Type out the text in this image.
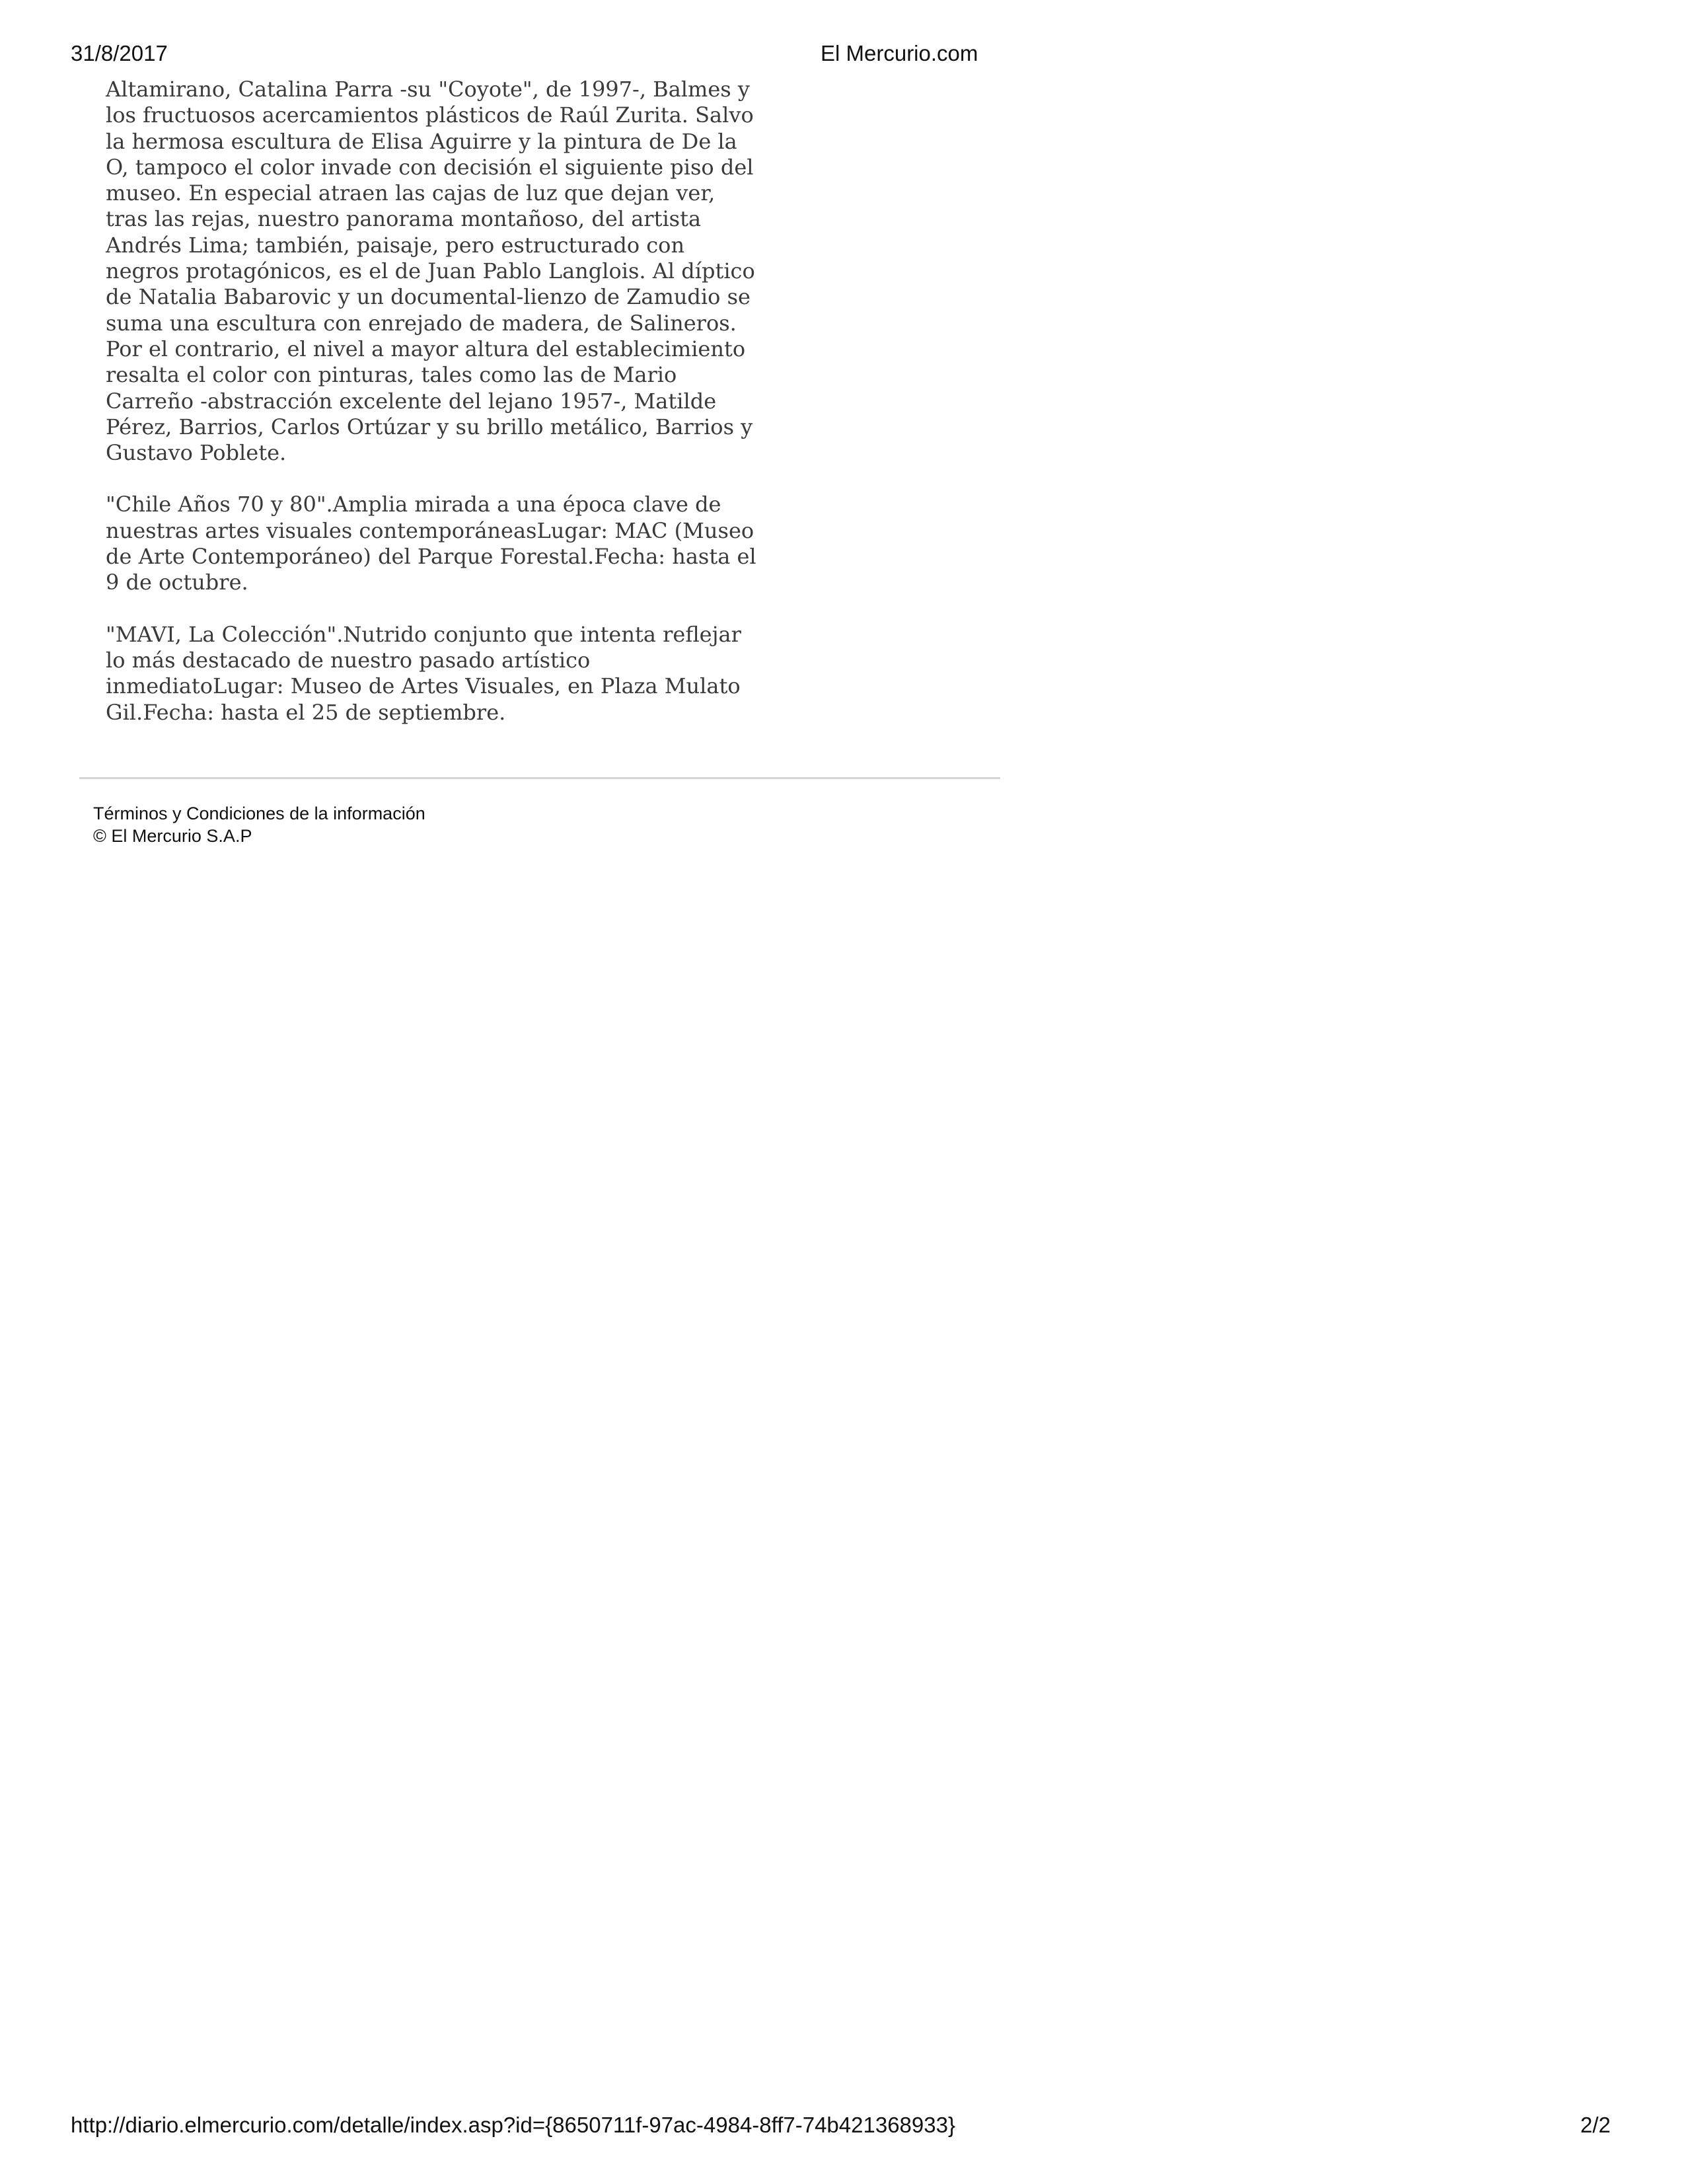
31/8/2017	El Mercurio.com

Altamirano, Catalina Parra -su "Coyote", de 1997-, Balmes y los fructuosos acercamientos plásticos de Raúl Zurita. Salvo la hermosa escultura de Elisa Aguirre y la pintura de De la O, tampoco el color invade con decisión el siguiente piso del museo. En especial atraen las cajas de luz que dejan ver, tras las rejas, nuestro panorama montañoso, del artista Andrés Lima; también, paisaje, pero estructurado con negros protagónicos, es el de Juan Pablo Langlois. Al díptico de Natalia Babarovic y un documental-lienzo de Zamudio se suma una escultura con enrejado de madera, de Salineros. Por el contrario, el nivel a mayor altura del establecimiento resalta el color con pinturas, tales como las de Mario Carreño -abstracción excelente del lejano 1957-, Matilde Pérez, Barrios, Carlos Ortúzar y su brillo metálico, Barrios y Gustavo Poblete.

"Chile Años 70 y 80".Amplia mirada a una época clave de nuestras artes visuales contemporáneasLugar: MAC (Museo de Arte Contemporáneo) del Parque Forestal.Fecha: hasta el 9 de octubre.

"MAVI, La Colección".Nutrido conjunto que intenta reflejar lo más destacado de nuestro pasado artístico inmediatoLugar: Museo de Artes Visuales, en Plaza Mulato Gil.Fecha: hasta el 25 de septiembre.

Términos y Condiciones de la información
© El Mercurio S.A.P
http://diario.elmercurio.com/detalle/index.asp?id={8650711f-97ac-4984-8ff7-74b421368933}	2/2
